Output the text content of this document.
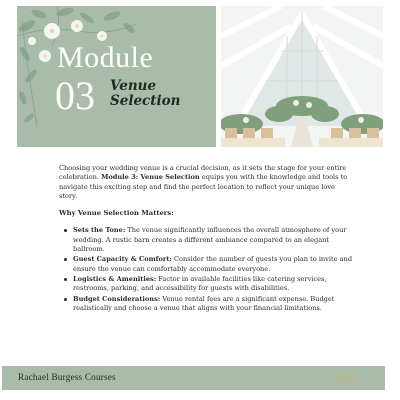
Module
03 Venue
Selection

Choosing your wedding venue is a crucial decision, as it sets the stage for your entire celebration. Module 3: Venue Selection equips you with the knowledge and tools to navigate this exciting step and find the perfect location to reflect your unique love story.

Why Venue Selection Matters:
Sets the Tone: The venue significantly influences the overall atmosphere of your wedding. A rustic barn creates a different ambiance compared to an elegant ballroom.
Guest Capacity & Comfort: Consider the number of guests you plan to invite and ensure the venue can comfortably accommodate everyone.
Logistics & Amenities: Factor in available facilities like catering services, restrooms, parking, and accessibility for guests with disabilities.
Budget Considerations: Venue rental fees are a significant expense. Budget realistically and choose a venue that aligns with your financial limitations.
Rachael Burgess Courses	RB
